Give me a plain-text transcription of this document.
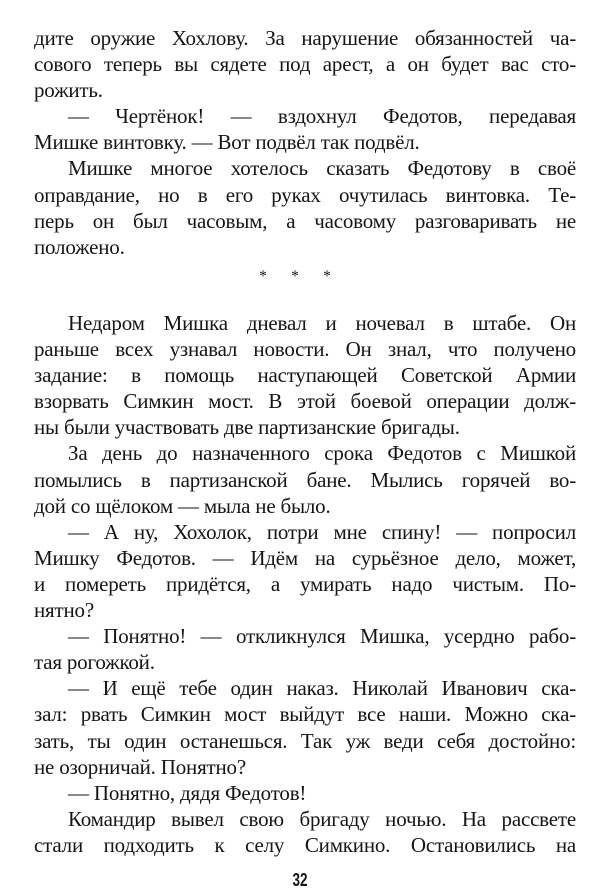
дите оружие Хохлову. За нарушение обязанностей ча-
сового теперь вы сядете под арест, а он будет вас сто-
рожить.
— Чертёнок! — вздохнул Федотов, передавая
Мишке винтовку. — Вот подвёл так подвёл.
Мишке многое хотелось сказать Федотову в своё
оправдание, но в его руках очутилась винтовка. Те-
перь он был часовым, а часовому разговаривать не
положено.
* * *
Недаром Мишка дневал и ночевал в штабе. Он
раньше всех узнавал новости. Он знал, что получено
задание: в помощь наступающей Советской Армии
взорвать Симкин мост. В этой боевой операции долж-
ны были участвовать две партизанские бригады.
За день до назначенного срока Федотов с Мишкой
помылись в партизанской бане. Мылись горячей во-
дой со щёлоком — мыла не было.
— А ну, Хохолок, потри мне спину! — попросил
Мишку Федотов. — Идём на сурьёзное дело, может,
и помереть придётся, а умирать надо чистым. По-
нятно?
— Понятно! — откликнулся Мишка, усердно рабо-
тая рогожкой.
— И ещё тебе один наказ. Николай Иванович ска-
зал: рвать Симкин мост выйдут все наши. Можно ска-
зать, ты один останешься. Так уж веди себя достойно:
не озорничай. Понятно?
— Понятно, дядя Федотов!
Командир вывел свою бригаду ночью. На рассвете
стали подходить к селу Симкино. Остановились на
32
